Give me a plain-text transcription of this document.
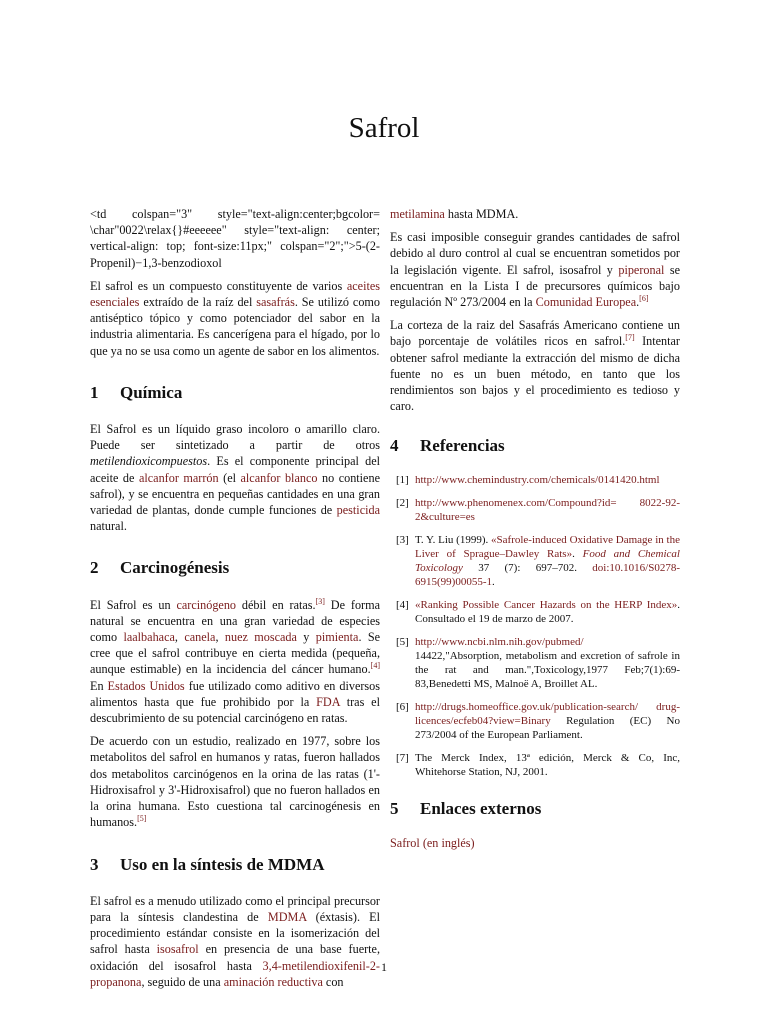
Safrol

<td colspan="3" style="text-align:center;bgcolor= \char"0022\relax{}#eeeeee" style="text-align: center; vertical-align: top; font-size:11px;" colspan="2";">5-(2-Propenil)−1,3-benzodioxol

El safrol es un compuesto constituyente de varios aceites esenciales extraído de la raíz del sasafrás. Se utilizó como antiséptico tópico y como potenciador del sabor en la industria alimentaria. Es cancerígena para el hígado, por lo que ya no se usa como un agente de sabor en los alimentos.

1 Química

El Safrol es un líquido graso incoloro o amarillo claro. Puede ser sintetizado a partir de otros metilendioxicompuestos. Es el componente principal del aceite de alcanfor marrón (el alcanfor blanco no contiene safrol), y se encuentra en pequeñas cantidades en una gran variedad de plantas, donde cumple funciones de pesticida natural.

2 Carcinogénesis

El Safrol es un carcinógeno débil en ratas.[3] De forma natural se encuentra en una gran variedad de especies como laalbahaca, canela, nuez moscada y pimienta. Se cree que el safrol contribuye en cierta medida (pequeña, aunque estimable) en la incidencia del cáncer humano.[4] En Estados Unidos fue utilizado como aditivo en diversos alimentos hasta que fue prohibido por la FDA tras el descubrimiento de su potencial carcinógeno en ratas.

De acuerdo con un estudio, realizado en 1977, sobre los metabolitos del safrol en humanos y ratas, fueron hallados dos metabolitos carcinógenos en la orina de las ratas (1'-Hidroxisafrol y 3'-Hidroxisafrol) que no fueron hallados en la orina humana. Esto cuestiona tal carcinogénesis en humanos.[5]

3 Uso en la síntesis de MDMA

El safrol es a menudo utilizado como el principal precursor para la síntesis clandestina de MDMA (éxtasis). El procedimiento estándar consiste en la isomerización del safrol hasta isosafrol en presencia de una base fuerte, oxidación del isosafrol hasta 3,4-metilendioxifenil-2-propanona, seguido de una aminación reductiva con

metilamina hasta MDMA.

Es casi imposible conseguir grandes cantidades de safrol debido al duro control al cual se encuentran sometidos por la legislación vigente. El safrol, isosafrol y piperonal se encuentran en la Lista I de precursores químicos bajo regulación Nº 273/2004 en la Comunidad Europea.[6]

La corteza de la raiz del Sasafrás Americano contiene un bajo porcentaje de volátiles ricos en safrol.[7] Intentar obtener safrol mediante la extracción del mismo de dicha fuente no es un buen método, en tanto que los rendimientos son bajos y el procedimiento es tedioso y caro.

4 Referencias
[1] http://www.chemindustry.com/chemicals/0141420.html
[2] http://www.phenomenex.com/Compound?id= 8022-92-2&culture=es
[3] T. Y. Liu (1999). «Safrole-induced Oxidative Damage in the Liver of Sprague–Dawley Rats». Food and Chemical Toxicology 37 (7): 697–702. doi:10.1016/S0278-6915(99)00055-1.
[4] «Ranking Possible Cancer Hazards on the HERP Index». Consultado el 19 de marzo de 2007.
[5] http://www.ncbi.nlm.nih.gov/pubmed/
14422,"Absorption, metabolism and excretion of safrole in the rat and man.",Toxicology,1977 Feb;7(1):69-83,Benedetti MS, Malnoë A, Broillet AL.
[6] http://drugs.homeoffice.gov.uk/publication-search/ drug-licences/ecfeb04?view=Binary Regulation (EC) No 273/2004 of the European Parliament.
[7] The Merck Index, 13ª edición, Merck & Co, Inc, Whitehorse Station, NJ, 2001.
5 Enlaces externos

Safrol (en inglés)

1
